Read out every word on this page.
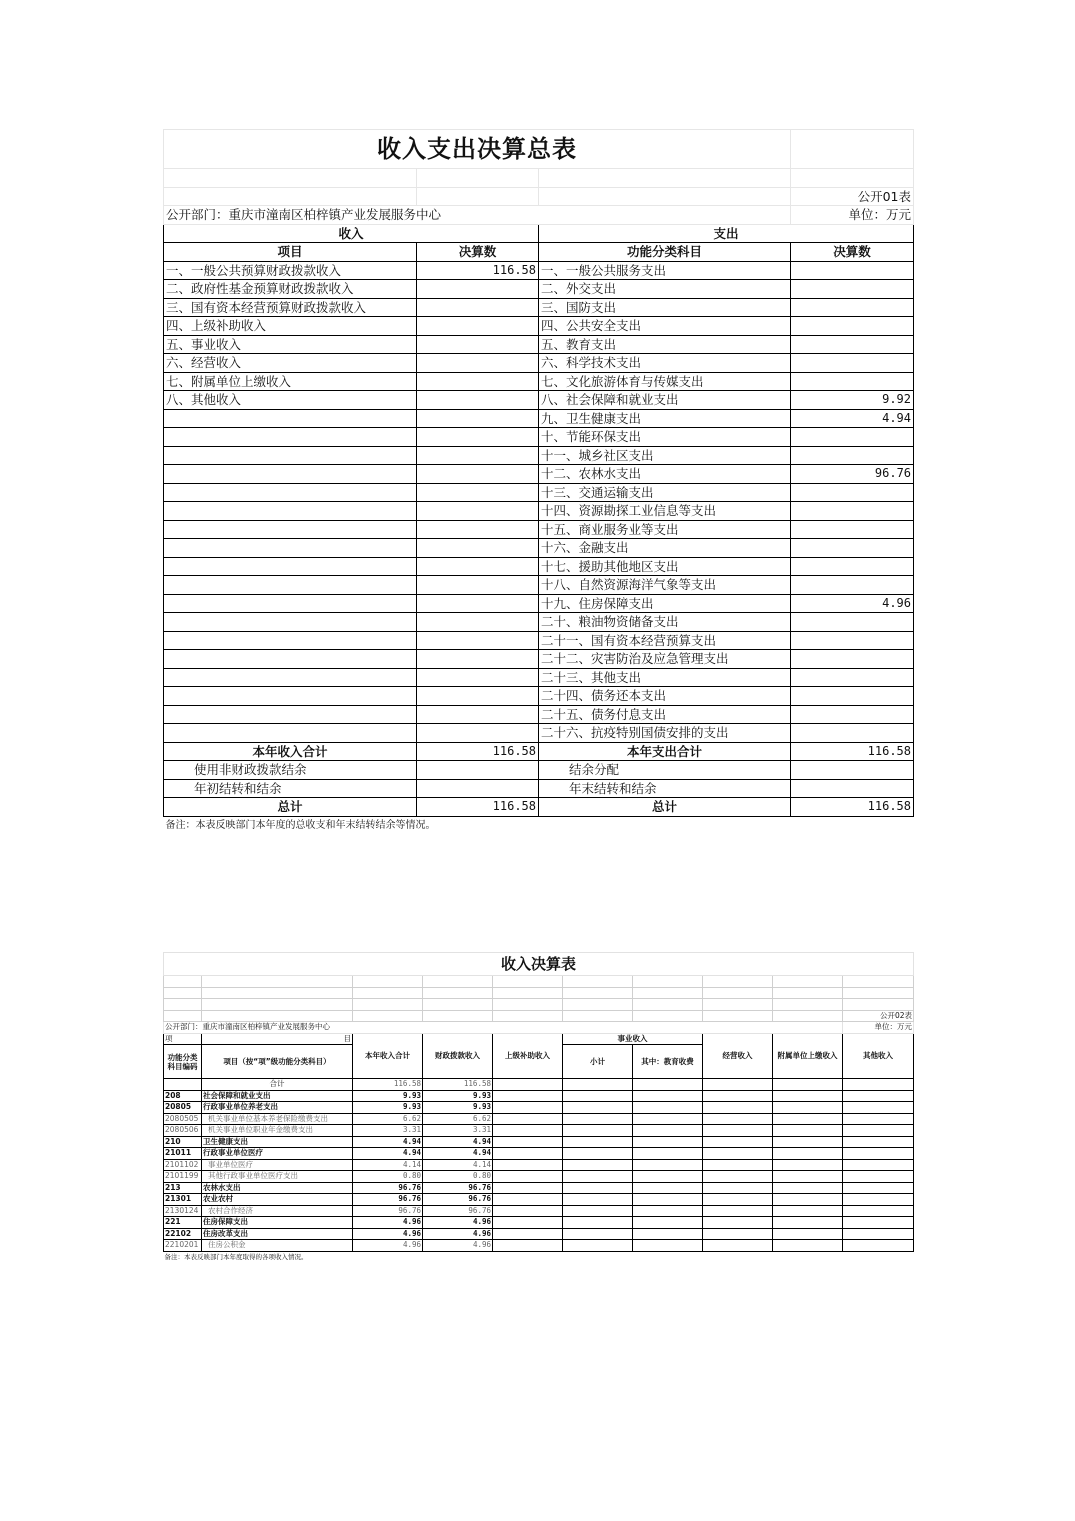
收入支出决算总表			

			公开01表
公开部门：重庆市潼南区柏梓镇产业发展服务中心			单位：万元
收入		支出	
项目	决算数	功能分类科目	决算数
一、一般公共预算财政拨款收入	116.58	一、一般公共服务支出	
二、政府性基金预算财政拨款收入		二、外交支出	
三、国有资本经营预算财政拨款收入		三、国防支出	
四、上级补助收入		四、公共安全支出	
五、事业收入		五、教育支出	
六、经营收入		六、科学技术支出	
七、附属单位上缴收入		七、文化旅游体育与传媒支出	
八、其他收入		八、社会保障和就业支出	9.92
		九、卫生健康支出	4.94
		十、节能环保支出	
		十一、城乡社区支出	
		十二、农林水支出	96.76
		十三、交通运输支出	
		十四、资源勘探工业信息等支出	
		十五、商业服务业等支出	
		十六、金融支出	
		十七、援助其他地区支出	
		十八、自然资源海洋气象等支出	
		十九、住房保障支出	4.96
		二十、粮油物资储备支出	
		二十一、国有资本经营预算支出	
		二十二、灾害防治及应急管理支出	
		二十三、其他支出	
		二十四、债务还本支出	
		二十五、债务付息支出	
		二十六、抗疫特别国债安排的支出	
本年收入合计	116.58	本年支出合计	116.58
使用非财政拨款结余		结余分配	
年初结转和结余		年末结转和结余	
总计	116.58	总计	116.58
备注：本表反映部门本年度的总收支和年末结转结余等情况。			
收入决算表									

									公开02表
公开部门：重庆市潼南区柏梓镇产业发展服务中心									单位：万元
项	目	本年收入合计	财政拨款收入	上级补助收入	事业收入		经营收入	附属单位上缴收入	其他收入
功能分类科目编码	项目（按“项”级功能分类科目）				小计	其中：教育收费			
	合计	116.58	116.58						
208	社会保障和就业支出	9.93	9.93						
20805	行政事业单位养老支出	9.93	9.93						
2080505	机关事业单位基本养老保险缴费支出	6.62	6.62						
2080506	机关事业单位职业年金缴费支出	3.31	3.31						
210	卫生健康支出	4.94	4.94						
21011	行政事业单位医疗	4.94	4.94						
2101102	事业单位医疗	4.14	4.14						
2101199	其他行政事业单位医疗支出	0.80	0.80						
213	农林水支出	96.76	96.76						
21301	农业农村	96.76	96.76						
2130124	农村合作经济	96.76	96.76						
221	住房保障支出	4.96	4.96						
22102	住房改革支出	4.96	4.96						
2210201	住房公积金	4.96	4.96						
备注：本表反映部门本年度取得的各项收入情况。									
